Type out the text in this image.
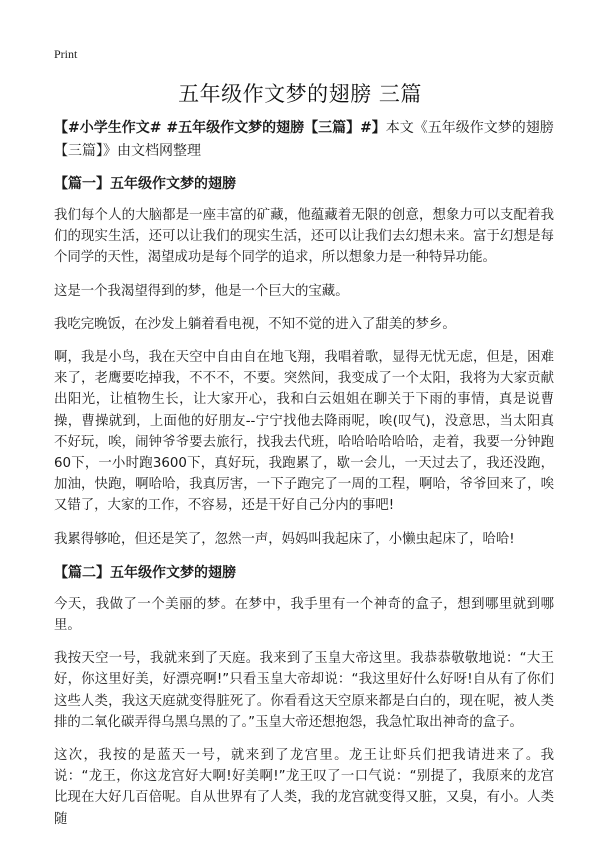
Print
五年级作文梦的翅膀 三篇

【#小学生作文# #五年级作文梦的翅膀【三篇】#】本文《五年级作文梦的翅膀【三篇】》由文档网整理

【篇一】五年级作文梦的翅膀

我们每个人的大脑都是一座丰富的矿藏，他蕴藏着无限的创意，想象力可以支配着我们的现实生活，还可以让我们的现实生活，还可以让我们去幻想未来。富于幻想是每个同学的天性，渴望成功是每个同学的追求，所以想象力是一种特异功能。

这是一个我渴望得到的梦，他是一个巨大的宝藏。

我吃完晚饭，在沙发上躺着看电视，不知不觉的进入了甜美的梦乡。

啊，我是小鸟，我在天空中自由自在地飞翔，我唱着歌，显得无忧无虑，但是，困难来了，老鹰要吃掉我，不不不，不要。突然间，我变成了一个太阳，我将为大家贡献出阳光，让植物生长，让大家开心，我和白云姐姐在聊关于下雨的事情，真是说曹操，曹操就到，上面他的好朋友--宁宁找他去降雨呢，唉(叹气)，没意思，当太阳真不好玩，唉，闹钟爷爷要去旅行，找我去代班，哈哈哈哈哈哈，走着，我要一分钟跑60下，一小时跑3600下，真好玩，我跑累了，歇一会儿，一天过去了，我还没跑，加油，快跑，啊哈哈，我真厉害，一下子跑完了一周的工程，啊哈，爷爷回来了，唉又错了，大家的工作，不容易，还是干好自己分内的事吧!

我累得够呛，但还是笑了，忽然一声，妈妈叫我起床了，小懒虫起床了，哈哈!

【篇二】五年级作文梦的翅膀

今天，我做了一个美丽的梦。在梦中，我手里有一个神奇的盒子，想到哪里就到哪里。

我按天空一号，我就来到了天庭。我来到了玉皇大帝这里。我恭恭敬敬地说：“大王好，你这里好美，好漂亮啊!”只看玉皇大帝却说：“我这里好什么好呀!自从有了你们这些人类，我这天庭就变得脏死了。你看看这天空原来都是白白的，现在呢，被人类排的二氧化碳弄得乌黑乌黑的了。”玉皇大帝还想抱怨，我急忙取出神奇的盒子。

这次，我按的是蓝天一号，就来到了龙宫里。龙王让虾兵们把我请进来了。我说：“龙王，你这龙宫好大啊!好美啊!”龙王叹了一口气说：“别提了，我原来的龙宫比现在大好几百倍呢。自从世界有了人类，我的龙宫就变得又脏，又臭，有小。人类随
